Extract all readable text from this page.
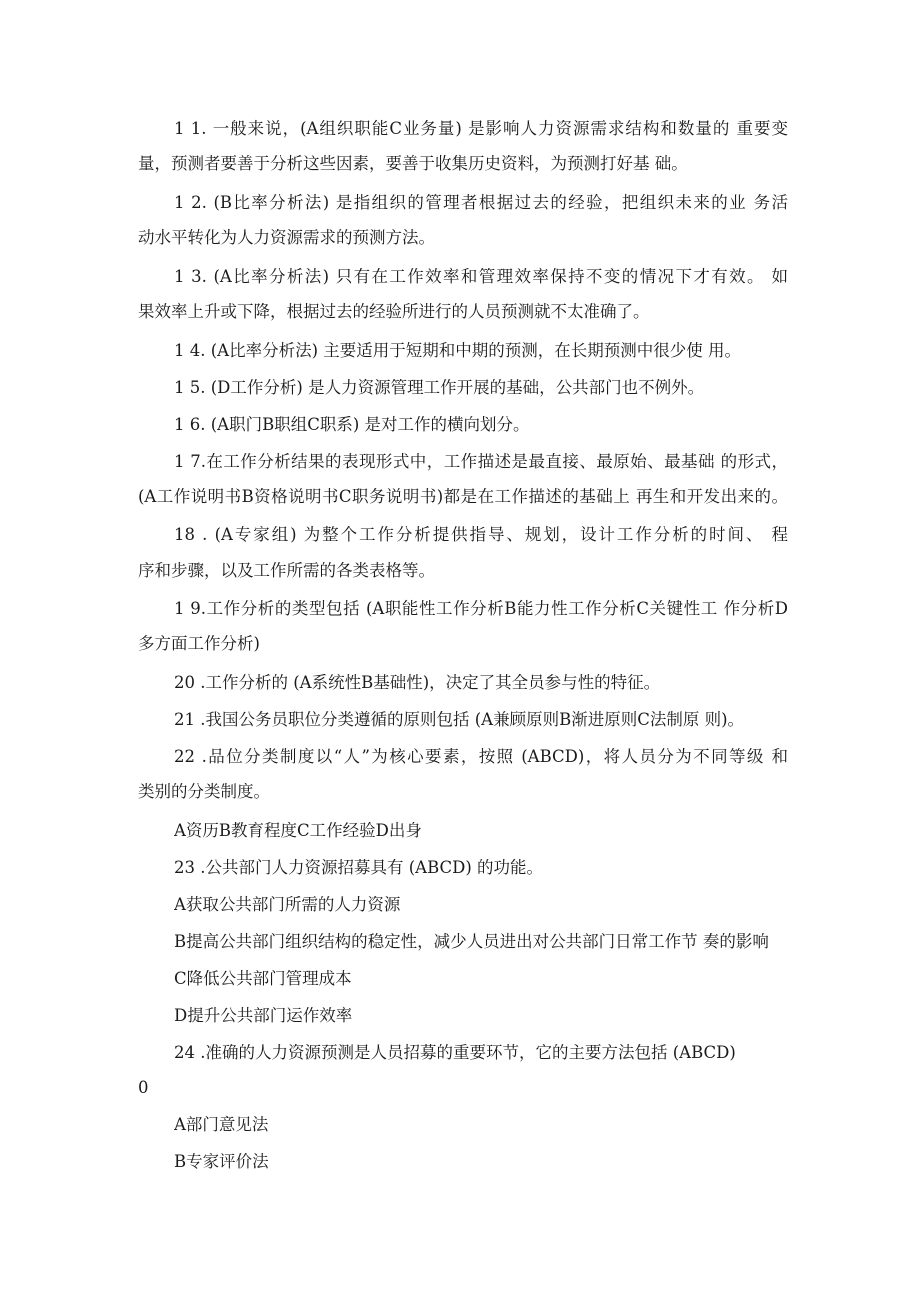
1 1. 一般来说，(A组织职能C业务量) 是影响人力资源需求结构和数量的 重要变
量，预测者要善于分析这些因素，要善于收集历史资料，为预测打好基 础。
1 2. (B比率分析法) 是指组织的管理者根据过去的经验，把组织未来的业 务活
动水平转化为人力资源需求的预测方法。
1 3. (A比率分析法) 只有在工作效率和管理效率保持不变的情况下才有效。 如
果效率上升或下降，根据过去的经验所进行的人员预测就不太准确了。
1 4. (A比率分析法) 主要适用于短期和中期的预测，在长期预测中很少使 用。
1 5. (D工作分析) 是人力资源管理工作开展的基础，公共部门也不例外。
1 6. (A职门B职组C职系) 是对工作的横向划分。
1 7.在工作分析结果的表现形式中，工作描述是最直接、最原始、最基础 的形式，
(A工作说明书B资格说明书C职务说明书)都是在工作描述的基础上 再生和开发出来的。
18 . (A专家组) 为整个工作分析提供指导、规划，设计工作分析的时间、 程
序和步骤，以及工作所需的各类表格等。
1 9.工作分析的类型包括 (A职能性工作分析B能力性工作分析C关键性工 作分析D
多方面工作分析)
20 .工作分析的 (A系统性B基础性)，决定了其全员参与性的特征。
21 .我国公务员职位分类遵循的原则包括 (A兼顾原则B渐进原则C法制原 则)。
22 .品位分类制度以“人”为核心要素，按照 (ABCD)，将人员分为不同等级 和
类别的分类制度。
A资历B教育程度C工作经验D出身
23 .公共部门人力资源招募具有 (ABCD) 的功能。
A获取公共部门所需的人力资源
B提高公共部门组织结构的稳定性，减少人员进出对公共部门日常工作节 奏的影响
C降低公共部门管理成本
D提升公共部门运作效率
24 .准确的人力资源预测是人员招募的重要环节，它的主要方法包括 (ABCD)
0
A部门意见法
B专家评价法
